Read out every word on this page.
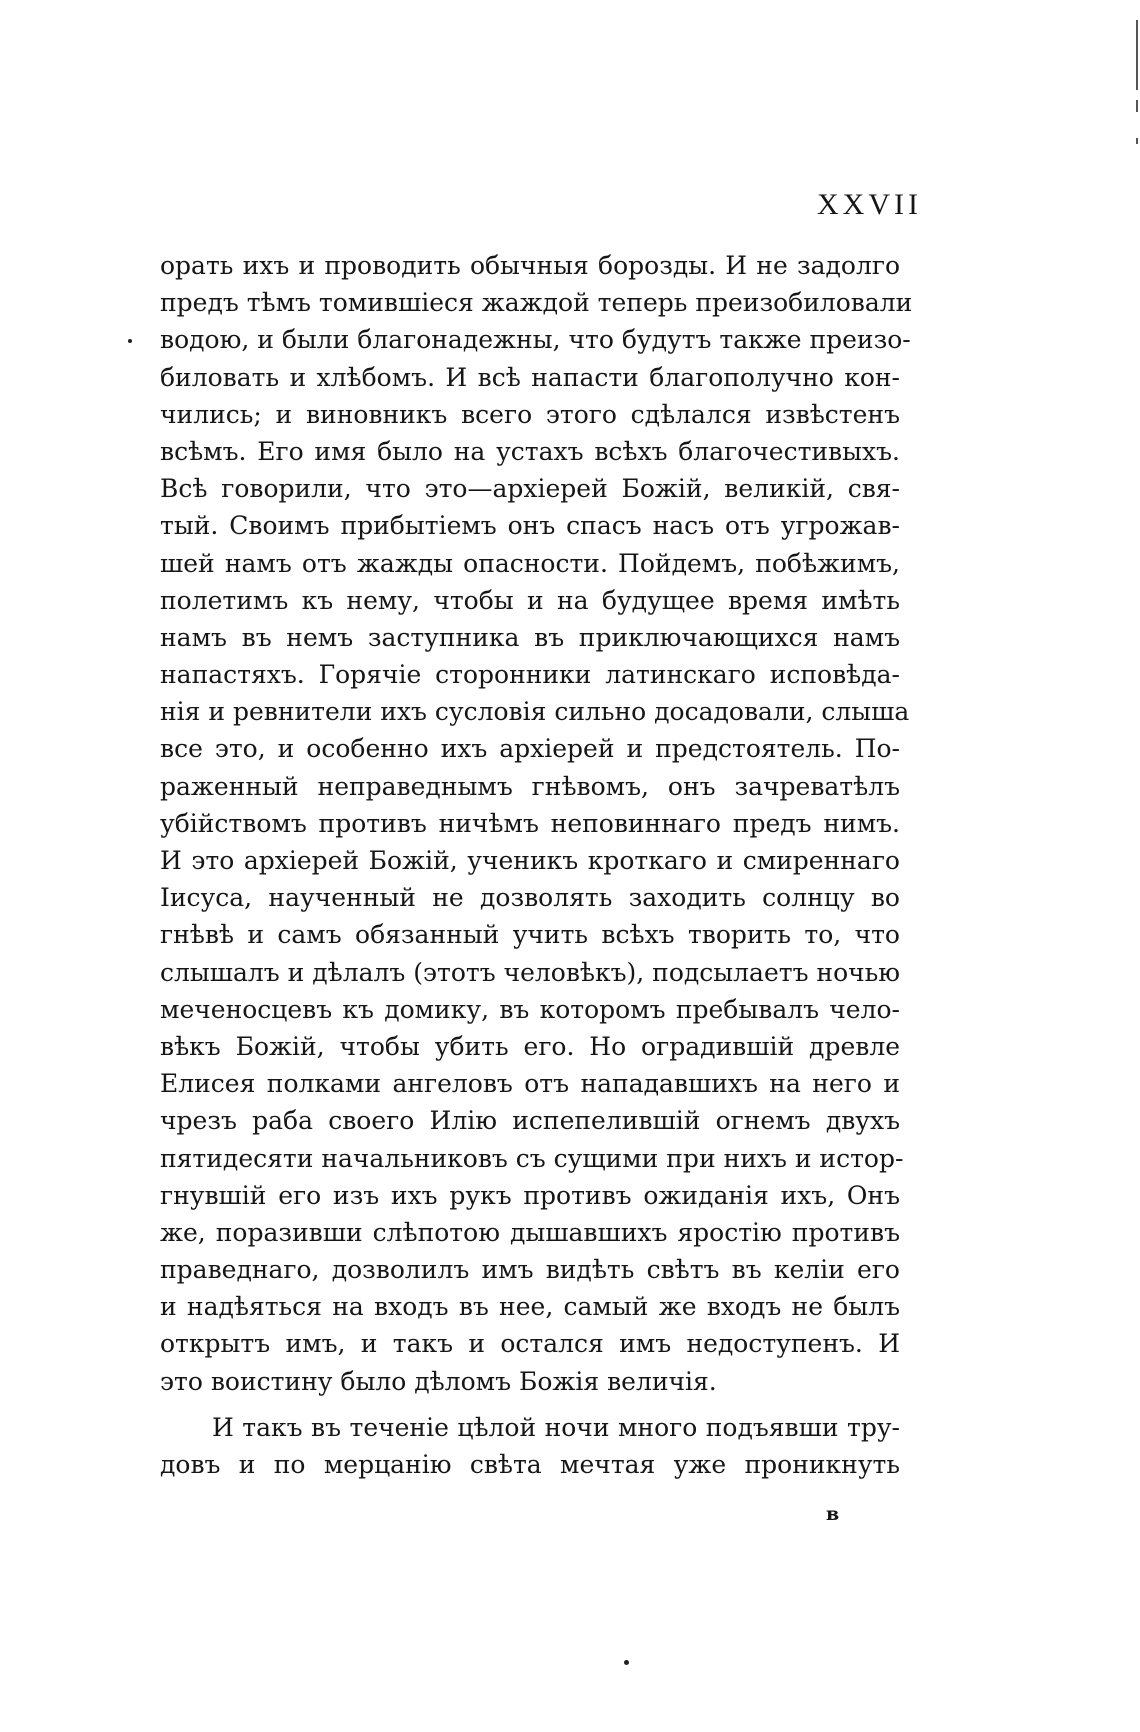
XXVII
орать ихъ и проводить обычныя борозды. И не задолго
предъ тѣмъ томившіеся жаждой теперь преизобиловали
водою, и были благонадежны, что будутъ также преизо-
биловать и хлѣбомъ. И всѣ напасти благополучно кон-
чились; и виновникъ всего этого сдѣлался извѣстенъ
всѣмъ. Его имя было на устахъ всѣхъ благочестивыхъ.
Всѣ говорили, что это—архіерей Божій, великій, свя-
тый. Своимъ прибытіемъ онъ спасъ насъ отъ угрожав-
шей намъ отъ жажды опасности. Пойдемъ, побѣжимъ,
полетимъ къ нему, чтобы и на будущее время имѣть
намъ въ немъ заступника въ приключающихся намъ
напастяхъ. Горячіе сторонники латинскаго исповѣда-
нія и ревнители ихъ сусловія сильно досадовали, слыша
все это, и особенно ихъ архіерей и предстоятель. По-
раженный неправеднымъ гнѣвомъ, онъ зачреватѣлъ
убійствомъ противъ ничѣмъ неповиннаго предъ нимъ.
И это архіерей Божій, ученикъ кроткаго и смиреннаго
Іисуса, наученный не дозволять заходить солнцу во
гнѣвѣ и самъ обязанный учить всѣхъ творить то, что
слышалъ и дѣлалъ (этотъ человѣкъ), подсылаетъ ночью
меченосцевъ къ домику, въ которомъ пребывалъ чело-
вѣкъ Божій, чтобы убить его. Но оградившій древле
Елисея полками ангеловъ отъ нападавшихъ на него и
чрезъ раба своего Илію испепелившій огнемъ двухъ
пятидесяти начальниковъ съ сущими при нихъ и истор-
гнувшій его изъ ихъ рукъ противъ ожиданія ихъ, Онъ
же, поразивши слѣпотою дышавшихъ яростію противъ
праведнаго, дозволилъ имъ видѣть свѣтъ въ келіи его
и надѣяться на входъ въ нее, самый же входъ не былъ
открытъ имъ, и такъ и остался имъ недоступенъ. И
это воистину было дѣломъ Божія величія.
И такъ въ теченіе цѣлой ночи много подъявши тру-
довъ и по мерцанію свѣта мечтая уже проникнуть
в
